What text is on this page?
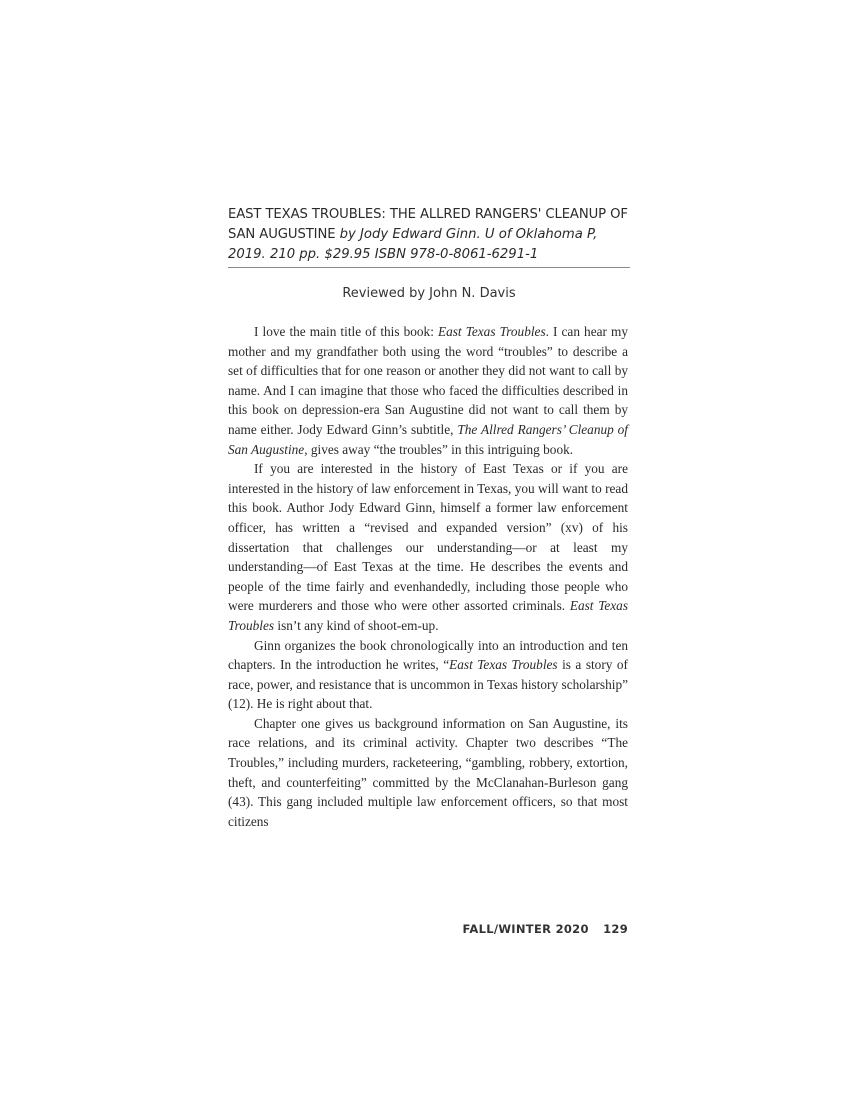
EAST TEXAS TROUBLES: THE ALLRED RANGERS' CLEANUP OF SAN AUGUSTINE by Jody Edward Ginn. U of Oklahoma P, 2019. 210 pp. $29.95 ISBN 978-0-8061-6291-1

Reviewed by John N. Davis

I love the main title of this book: East Texas Troubles. I can hear my mother and my grandfather both using the word “troubles” to describe a set of difficulties that for one reason or another they did not want to call by name. And I can imagine that those who faced the difficulties described in this book on depression-era San Augustine did not want to call them by name either. Jody Edward Ginn’s subtitle, The Allred Rangers’ Cleanup of San Augustine, gives away “the troubles” in this intriguing book.

If you are interested in the history of East Texas or if you are interested in the history of law enforcement in Texas, you will want to read this book. Author Jody Edward Ginn, himself a former law enforcement officer, has written a “revised and expanded version” (xv) of his dissertation that challenges our understanding—or at least my understanding—of East Texas at the time. He describes the events and people of the time fairly and evenhandedly, including those people who were murderers and those who were other assorted criminals. East Texas Troubles isn’t any kind of shoot-em-up.

Ginn organizes the book chronologically into an introduction and ten chapters. In the introduction he writes, “East Texas Troubles is a story of race, power, and resistance that is uncommon in Texas history scholarship” (12). He is right about that.

Chapter one gives us background information on San Augustine, its race relations, and its criminal activity. Chapter two describes “The Troubles,” including murders, racketeering, “gambling, robbery, extortion, theft, and counterfeiting” committed by the McClanahan-Burleson gang (43). This gang included multiple law enforcement officers, so that most citizens

FALL/WINTER 2020 129
